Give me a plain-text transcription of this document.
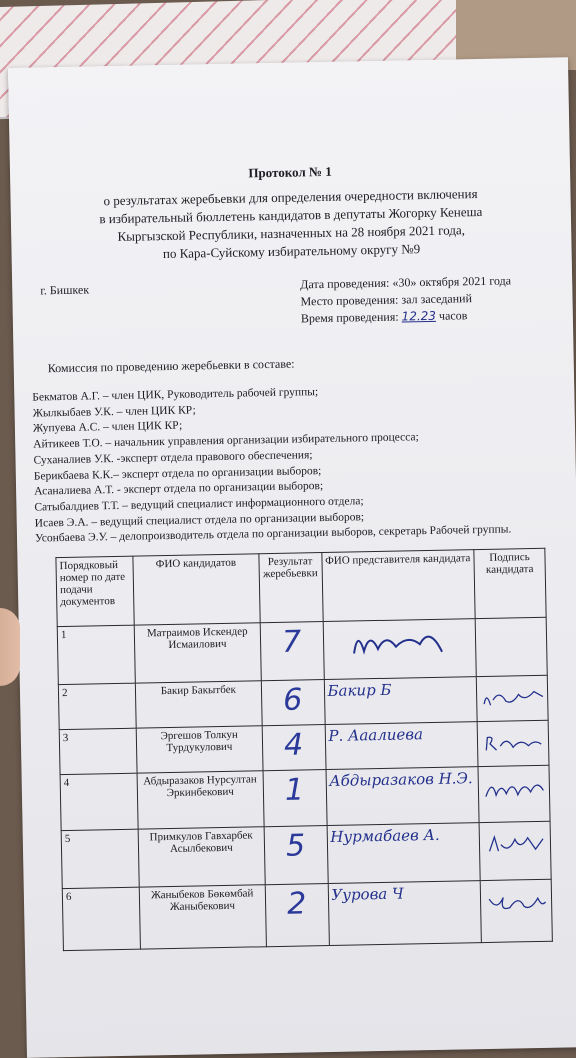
Протокол № 1
о результатах жеребьевки для определения очередности включения
в избирательный бюллетень кандидатов в депутаты Жогорку Кенеша
Кыргызской Республики, назначенных на 28 ноября 2021 года,
по Кара-Суйскому избирательному округу №9
г. Бишкек	Дата проведения: «30» октября 2021 года
Место проведения: зал заседаний
Время проведения: 12.23 часов
Комиссия по проведению жеребьевки в составе:
Бекматов А.Г. – член ЦИК, Руководитель рабочей группы;
Жылкыбаев У.К. – член ЦИК КР;
Жупуева А.С. – член ЦИК КР;
Айтикеев Т.О. – начальник управления организации избирательного процесса;
Суханалиев У.К. -эксперт отдела правового обеспечения;
Берикбаева К.К.– эксперт отдела по организации выборов;
Асаналиева А.Т. - эксперт отдела по организации выборов;
Сатыбалдиев Т.Т. – ведущий специалист информационного отдела;
Исаев Э.А. – ведущий специалист отдела по организации выборов;
Усонбаева Э.У. – делопроизводитель отдела по организации выборов, секретарь Рабочей группы.
Порядковый номер по дате подачи документов	ФИО кандидатов	Результат жеребьевки	ФИО представителя кандидата	Подпись кандидата
1	Матраимов Искендер Исмаилович	7	

2	Бакир Бакытбек	6	Бакир Б	

3	Эргешов Толкун Турдукулович	4	Р. Ааалиева	

4	Абдыразаков Нурсултан Эркинбекович	1	Абдыразаков Н.Э.	

5	Примкулов Гавхарбек Асылбекович	5	Нурмабаев А.	

6	Жаныбеков Бөкөмбай Жаныбекович	2	Уурова Ч	
